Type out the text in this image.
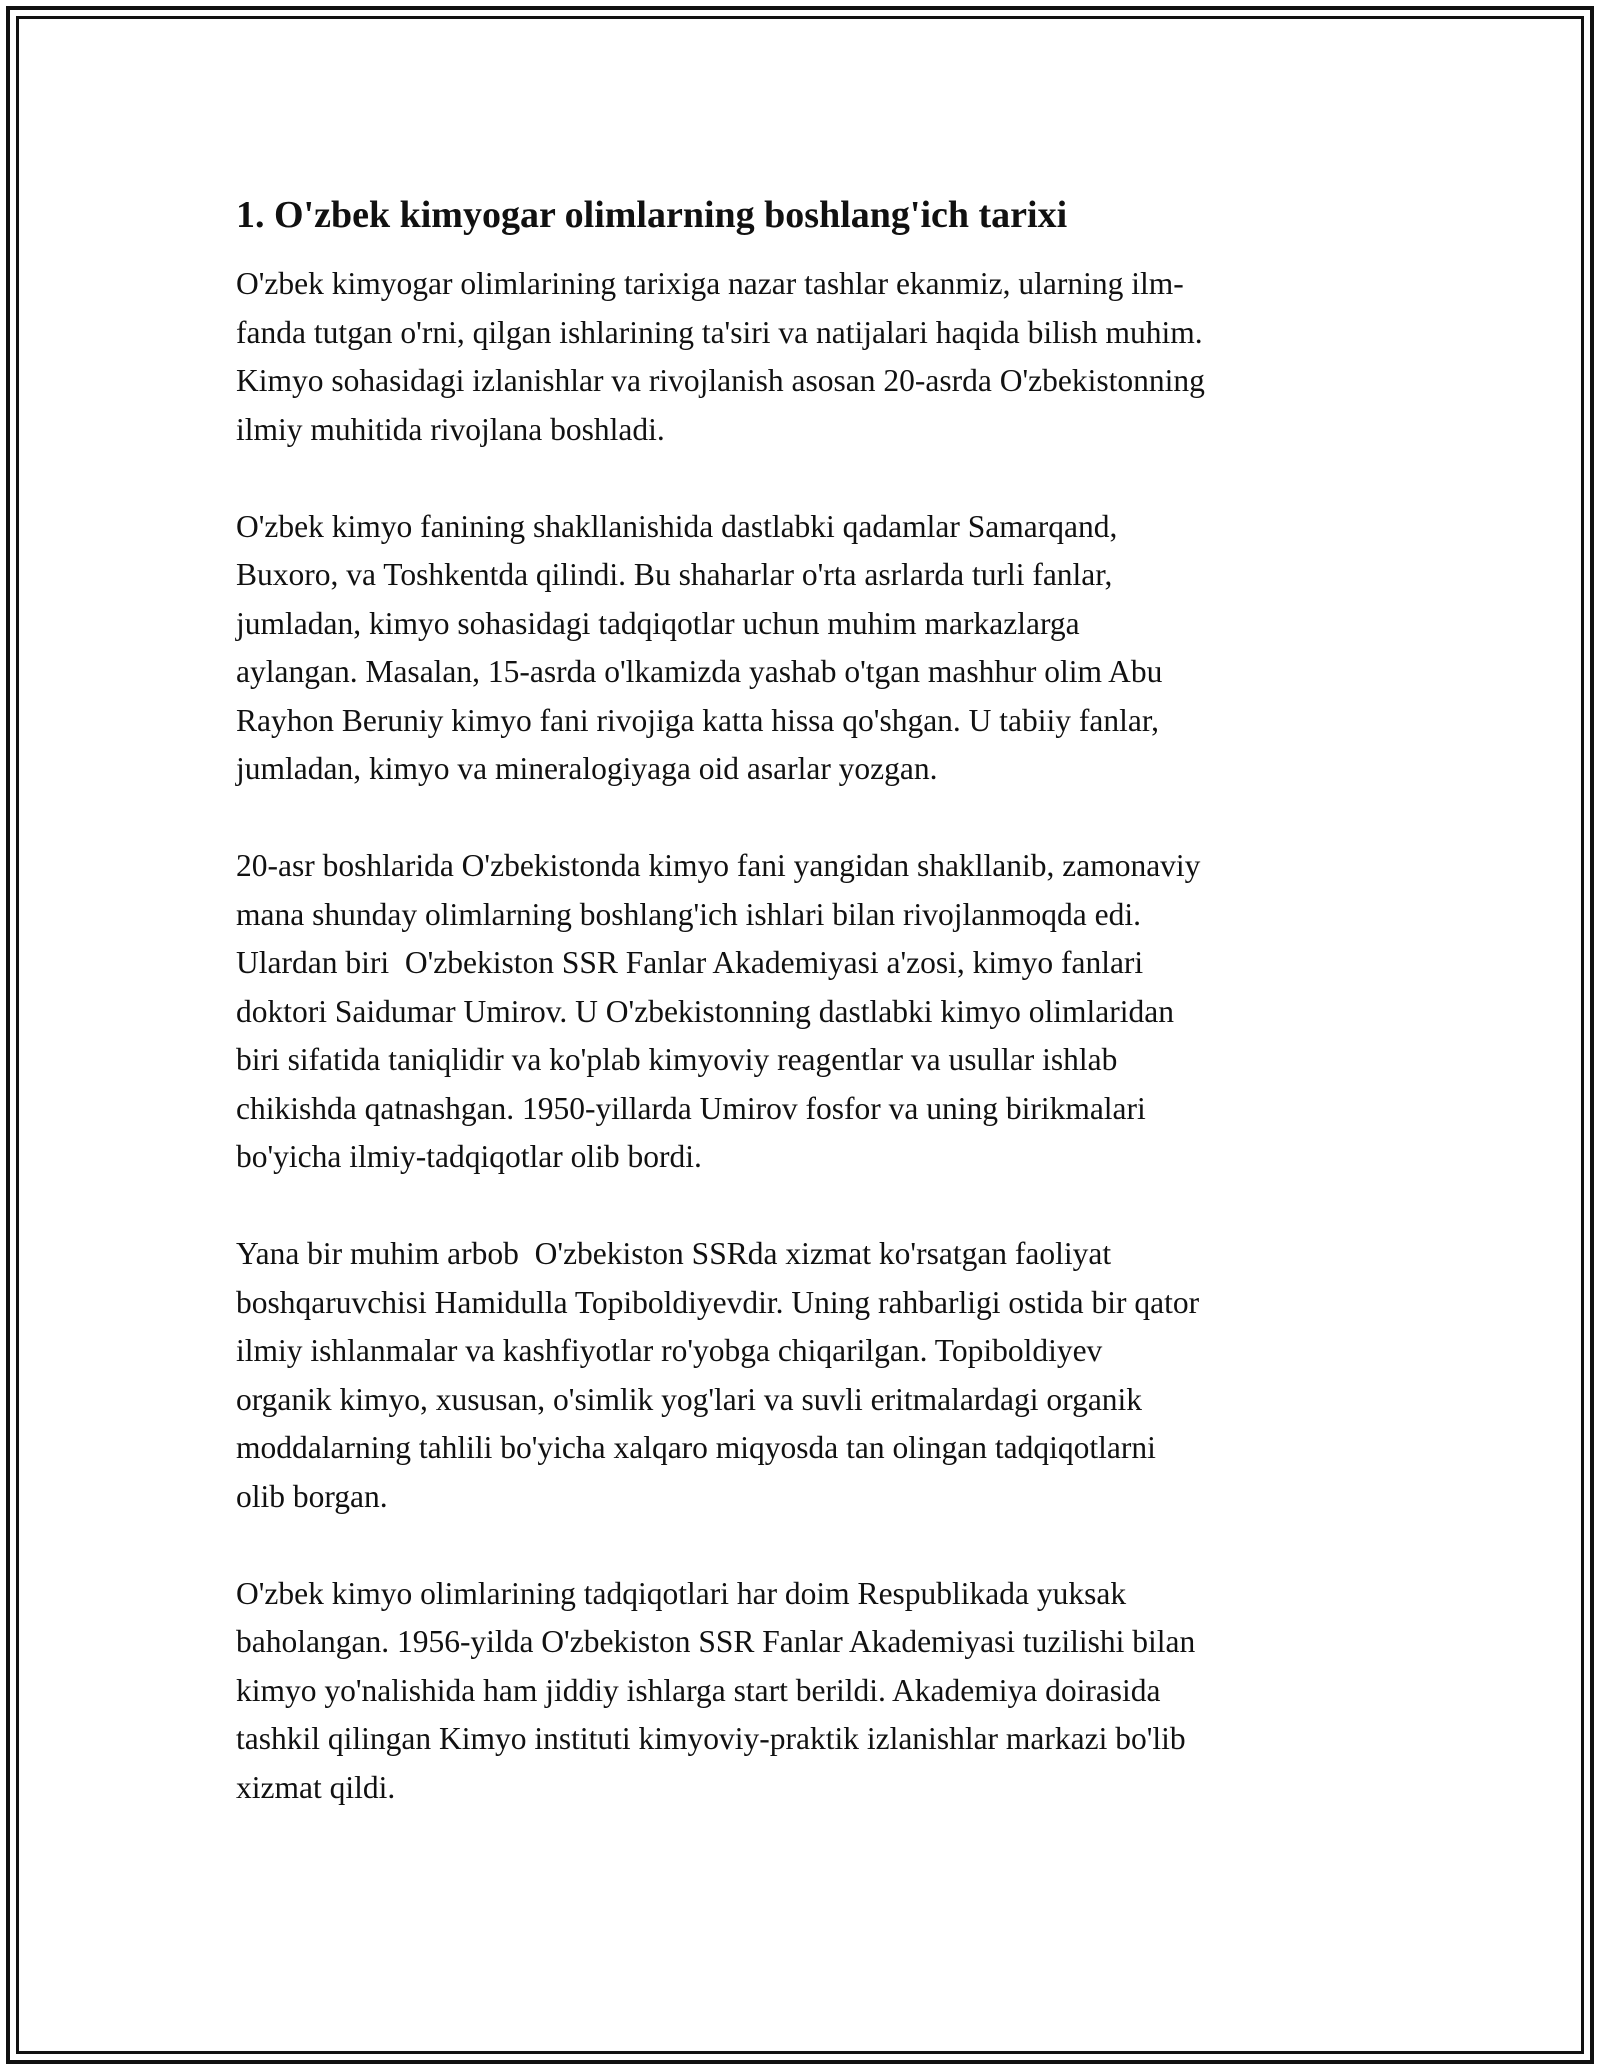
1. O'zbek kimyogar olimlarning boshlang'ich tarixi

O'zbek kimyogar olimlarining tarixiga nazar tashlar ekanmiz, ularning ilm-
fanda tutgan o'rni, qilgan ishlarining ta'siri va natijalari haqida bilish muhim.
Kimyo sohasidagi izlanishlar va rivojlanish asosan 20-asrda O'zbekistonning
ilmiy muhitida rivojlana boshladi.

O'zbek kimyo fanining shakllanishida dastlabki qadamlar Samarqand,
Buxoro, va Toshkentda qilindi. Bu shaharlar o'rta asrlarda turli fanlar,
jumladan, kimyo sohasidagi tadqiqotlar uchun muhim markazlarga
aylangan. Masalan, 15-asrda o'lkamizda yashab o'tgan mashhur olim Abu
Rayhon Beruniy kimyo fani rivojiga katta hissa qo'shgan. U tabiiy fanlar,
jumladan, kimyo va mineralogiyaga oid asarlar yozgan.

20-asr boshlarida O'zbekistonda kimyo fani yangidan shakllanib, zamonaviy
mana shunday olimlarning boshlang'ich ishlari bilan rivojlanmoqda edi.
Ulardan biri  O'zbekiston SSR Fanlar Akademiyasi a'zosi, kimyo fanlari
doktori Saidumar Umirov. U O'zbekistonning dastlabki kimyo olimlaridan
biri sifatida taniqlidir va ko'plab kimyoviy reagentlar va usullar ishlab
chikishda qatnashgan. 1950-yillarda Umirov fosfor va uning birikmalari
bo'yicha ilmiy-tadqiqotlar olib bordi.

Yana bir muhim arbob  O'zbekiston SSRda xizmat ko'rsatgan faoliyat
boshqaruvchisi Hamidulla Topiboldiyevdir. Uning rahbarligi ostida bir qator
ilmiy ishlanmalar va kashfiyotlar ro'yobga chiqarilgan. Topiboldiyev
organik kimyo, xususan, o'simlik yog'lari va suvli eritmalardagi organik
moddalarning tahlili bo'yicha xalqaro miqyosda tan olingan tadqiqotlarni
olib borgan.

O'zbek kimyo olimlarining tadqiqotlari har doim Respublikada yuksak
baholangan. 1956-yilda O'zbekiston SSR Fanlar Akademiyasi tuzilishi bilan
kimyo yo'nalishida ham jiddiy ishlarga start berildi. Akademiya doirasida
tashkil qilingan Kimyo instituti kimyoviy-praktik izlanishlar markazi bo'lib
xizmat qildi.
